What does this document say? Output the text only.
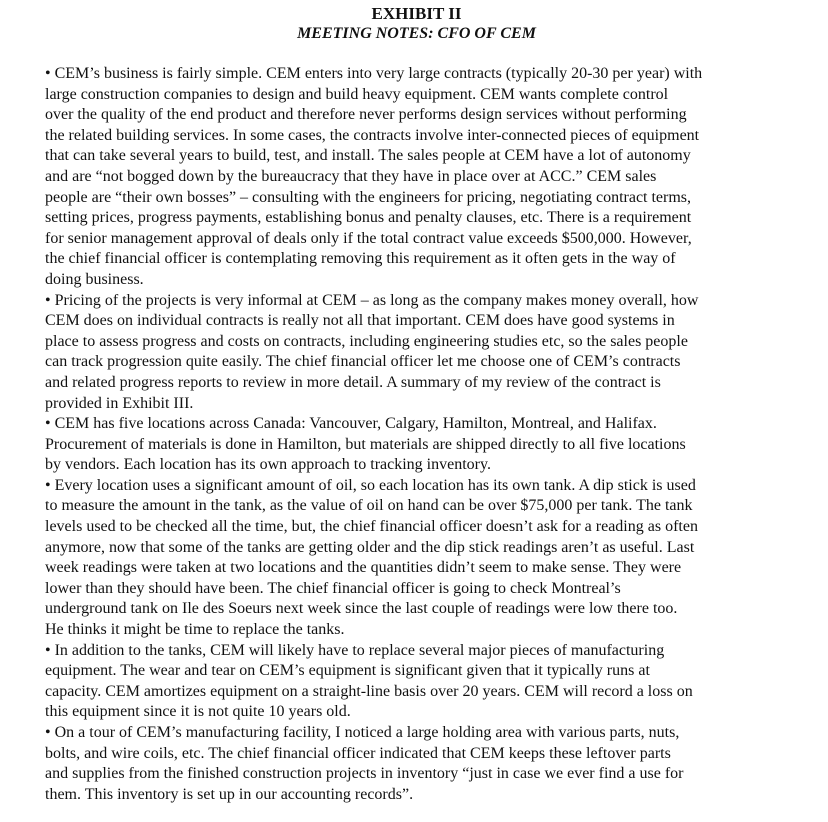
EXHIBIT II
MEETING NOTES: CFO OF CEM

• CEM’s business is fairly simple. CEM enters into very large contracts (typically 20-30 per year) with
large construction companies to design and build heavy equipment. CEM wants complete control
over the quality of the end product and therefore never performs design services without performing
the related building services. In some cases, the contracts involve inter-connected pieces of equipment
that can take several years to build, test, and install. The sales people at CEM have a lot of autonomy
and are “not bogged down by the bureaucracy that they have in place over at ACC.” CEM sales
people are “their own bosses” – consulting with the engineers for pricing, negotiating contract terms,
setting prices, progress payments, establishing bonus and penalty clauses, etc. There is a requirement
for senior management approval of deals only if the total contract value exceeds $500,000. However,
the chief financial officer is contemplating removing this requirement as it often gets in the way of
doing business.

• Pricing of the projects is very informal at CEM – as long as the company makes money overall, how
CEM does on individual contracts is really not all that important. CEM does have good systems in
place to assess progress and costs on contracts, including engineering studies etc, so the sales people
can track progression quite easily. The chief financial officer let me choose one of CEM’s contracts
and related progress reports to review in more detail. A summary of my review of the contract is
provided in Exhibit III.

• CEM has five locations across Canada: Vancouver, Calgary, Hamilton, Montreal, and Halifax.
Procurement of materials is done in Hamilton, but materials are shipped directly to all five locations
by vendors. Each location has its own approach to tracking inventory.

• Every location uses a significant amount of oil, so each location has its own tank. A dip stick is used
to measure the amount in the tank, as the value of oil on hand can be over $75,000 per tank. The tank
levels used to be checked all the time, but, the chief financial officer doesn’t ask for a reading as often
anymore, now that some of the tanks are getting older and the dip stick readings aren’t as useful. Last
week readings were taken at two locations and the quantities didn’t seem to make sense. They were
lower than they should have been. The chief financial officer is going to check Montreal’s
underground tank on Ile des Soeurs next week since the last couple of readings were low there too.
He thinks it might be time to replace the tanks.

• In addition to the tanks, CEM will likely have to replace several major pieces of manufacturing
equipment. The wear and tear on CEM’s equipment is significant given that it typically runs at
capacity. CEM amortizes equipment on a straight-line basis over 20 years. CEM will record a loss on
this equipment since it is not quite 10 years old.

• On a tour of CEM’s manufacturing facility, I noticed a large holding area with various parts, nuts,
bolts, and wire coils, etc. The chief financial officer indicated that CEM keeps these leftover parts
and supplies from the finished construction projects in inventory “just in case we ever find a use for
them. This inventory is set up in our accounting records”.
